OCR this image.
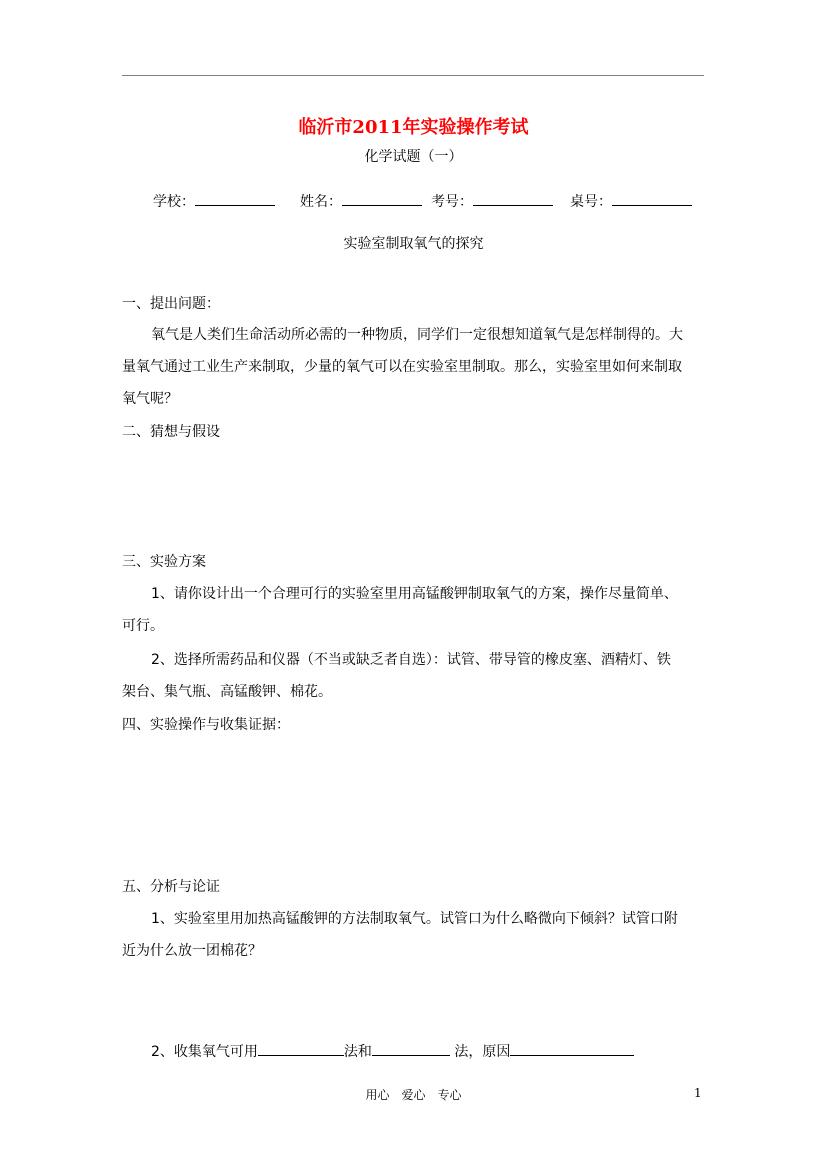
临沂市2011年实验操作考试
化学试题（一）
学校：	姓名：	考号：	桌号：
实验室制取氧气的探究
一、提出问题：
氧气是人类们生命活动所必需的一种物质，同学们一定很想知道氧气是怎样制得的。大
量氧气通过工业生产来制取，少量的氧气可以在实验室里制取。那么，实验室里如何来制取
氧气呢？
二、猜想与假设
三、实验方案
1、请你设计出一个合理可行的实验室里用高锰酸钾制取氧气的方案，操作尽量简单、
可行。
2、选择所需药品和仪器（不当或缺乏者自选）：试管、带导管的橡皮塞、酒精灯、铁
架台、集气瓶、高锰酸钾、棉花。
四、实验操作与收集证据：
五、分析与论证
1、实验室里用加热高锰酸钾的方法制取氧气。试管口为什么略微向下倾斜？试管口附
近为什么放一团棉花？
2、收集氧气可用	法和	法，原因
用心　爱心　专心	1
